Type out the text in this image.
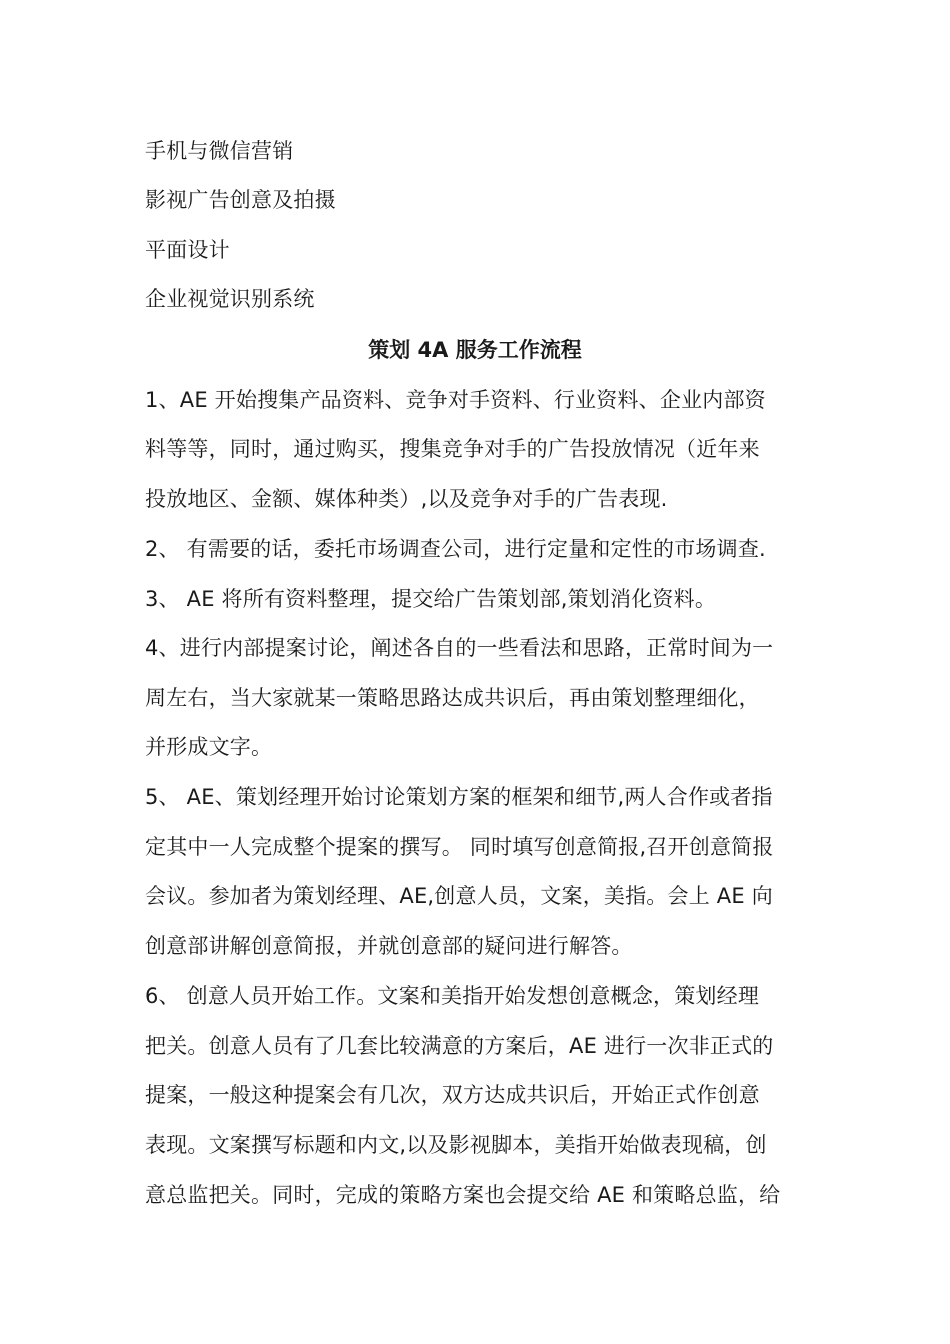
手机与微信营销
影视广告创意及拍摄
平面设计
企业视觉识别系统
策划 4A 服务工作流程
1、AE 开始搜集产品资料、竞争对手资料、行业资料、企业内部资
料等等，同时，通过购买，搜集竞争对手的广告投放情况（近年来
投放地区、金额、媒体种类）,以及竞争对手的广告表现.
2、 有需要的话，委托市场调查公司，进行定量和定性的市场调查.
3、 AE 将所有资料整理，提交给广告策划部,策划消化资料。
4、进行内部提案讨论，阐述各自的一些看法和思路，正常时间为一
周左右，当大家就某一策略思路达成共识后，再由策划整理细化，
并形成文字。
5、 AE、策划经理开始讨论策划方案的框架和细节,两人合作或者指
定其中一人完成整个提案的撰写。 同时填写创意简报,召开创意简报
会议。参加者为策划经理、AE,创意人员，文案，美指。会上 AE 向
创意部讲解创意简报，并就创意部的疑问进行解答。
6、 创意人员开始工作。文案和美指开始发想创意概念，策划经理
把关。创意人员有了几套比较满意的方案后，AE 进行一次非正式的
提案，一般这种提案会有几次，双方达成共识后，开始正式作创意
表现。文案撰写标题和内文,以及影视脚本，美指开始做表现稿，创
意总监把关。同时，完成的策略方案也会提交给 AE 和策略总监，给
